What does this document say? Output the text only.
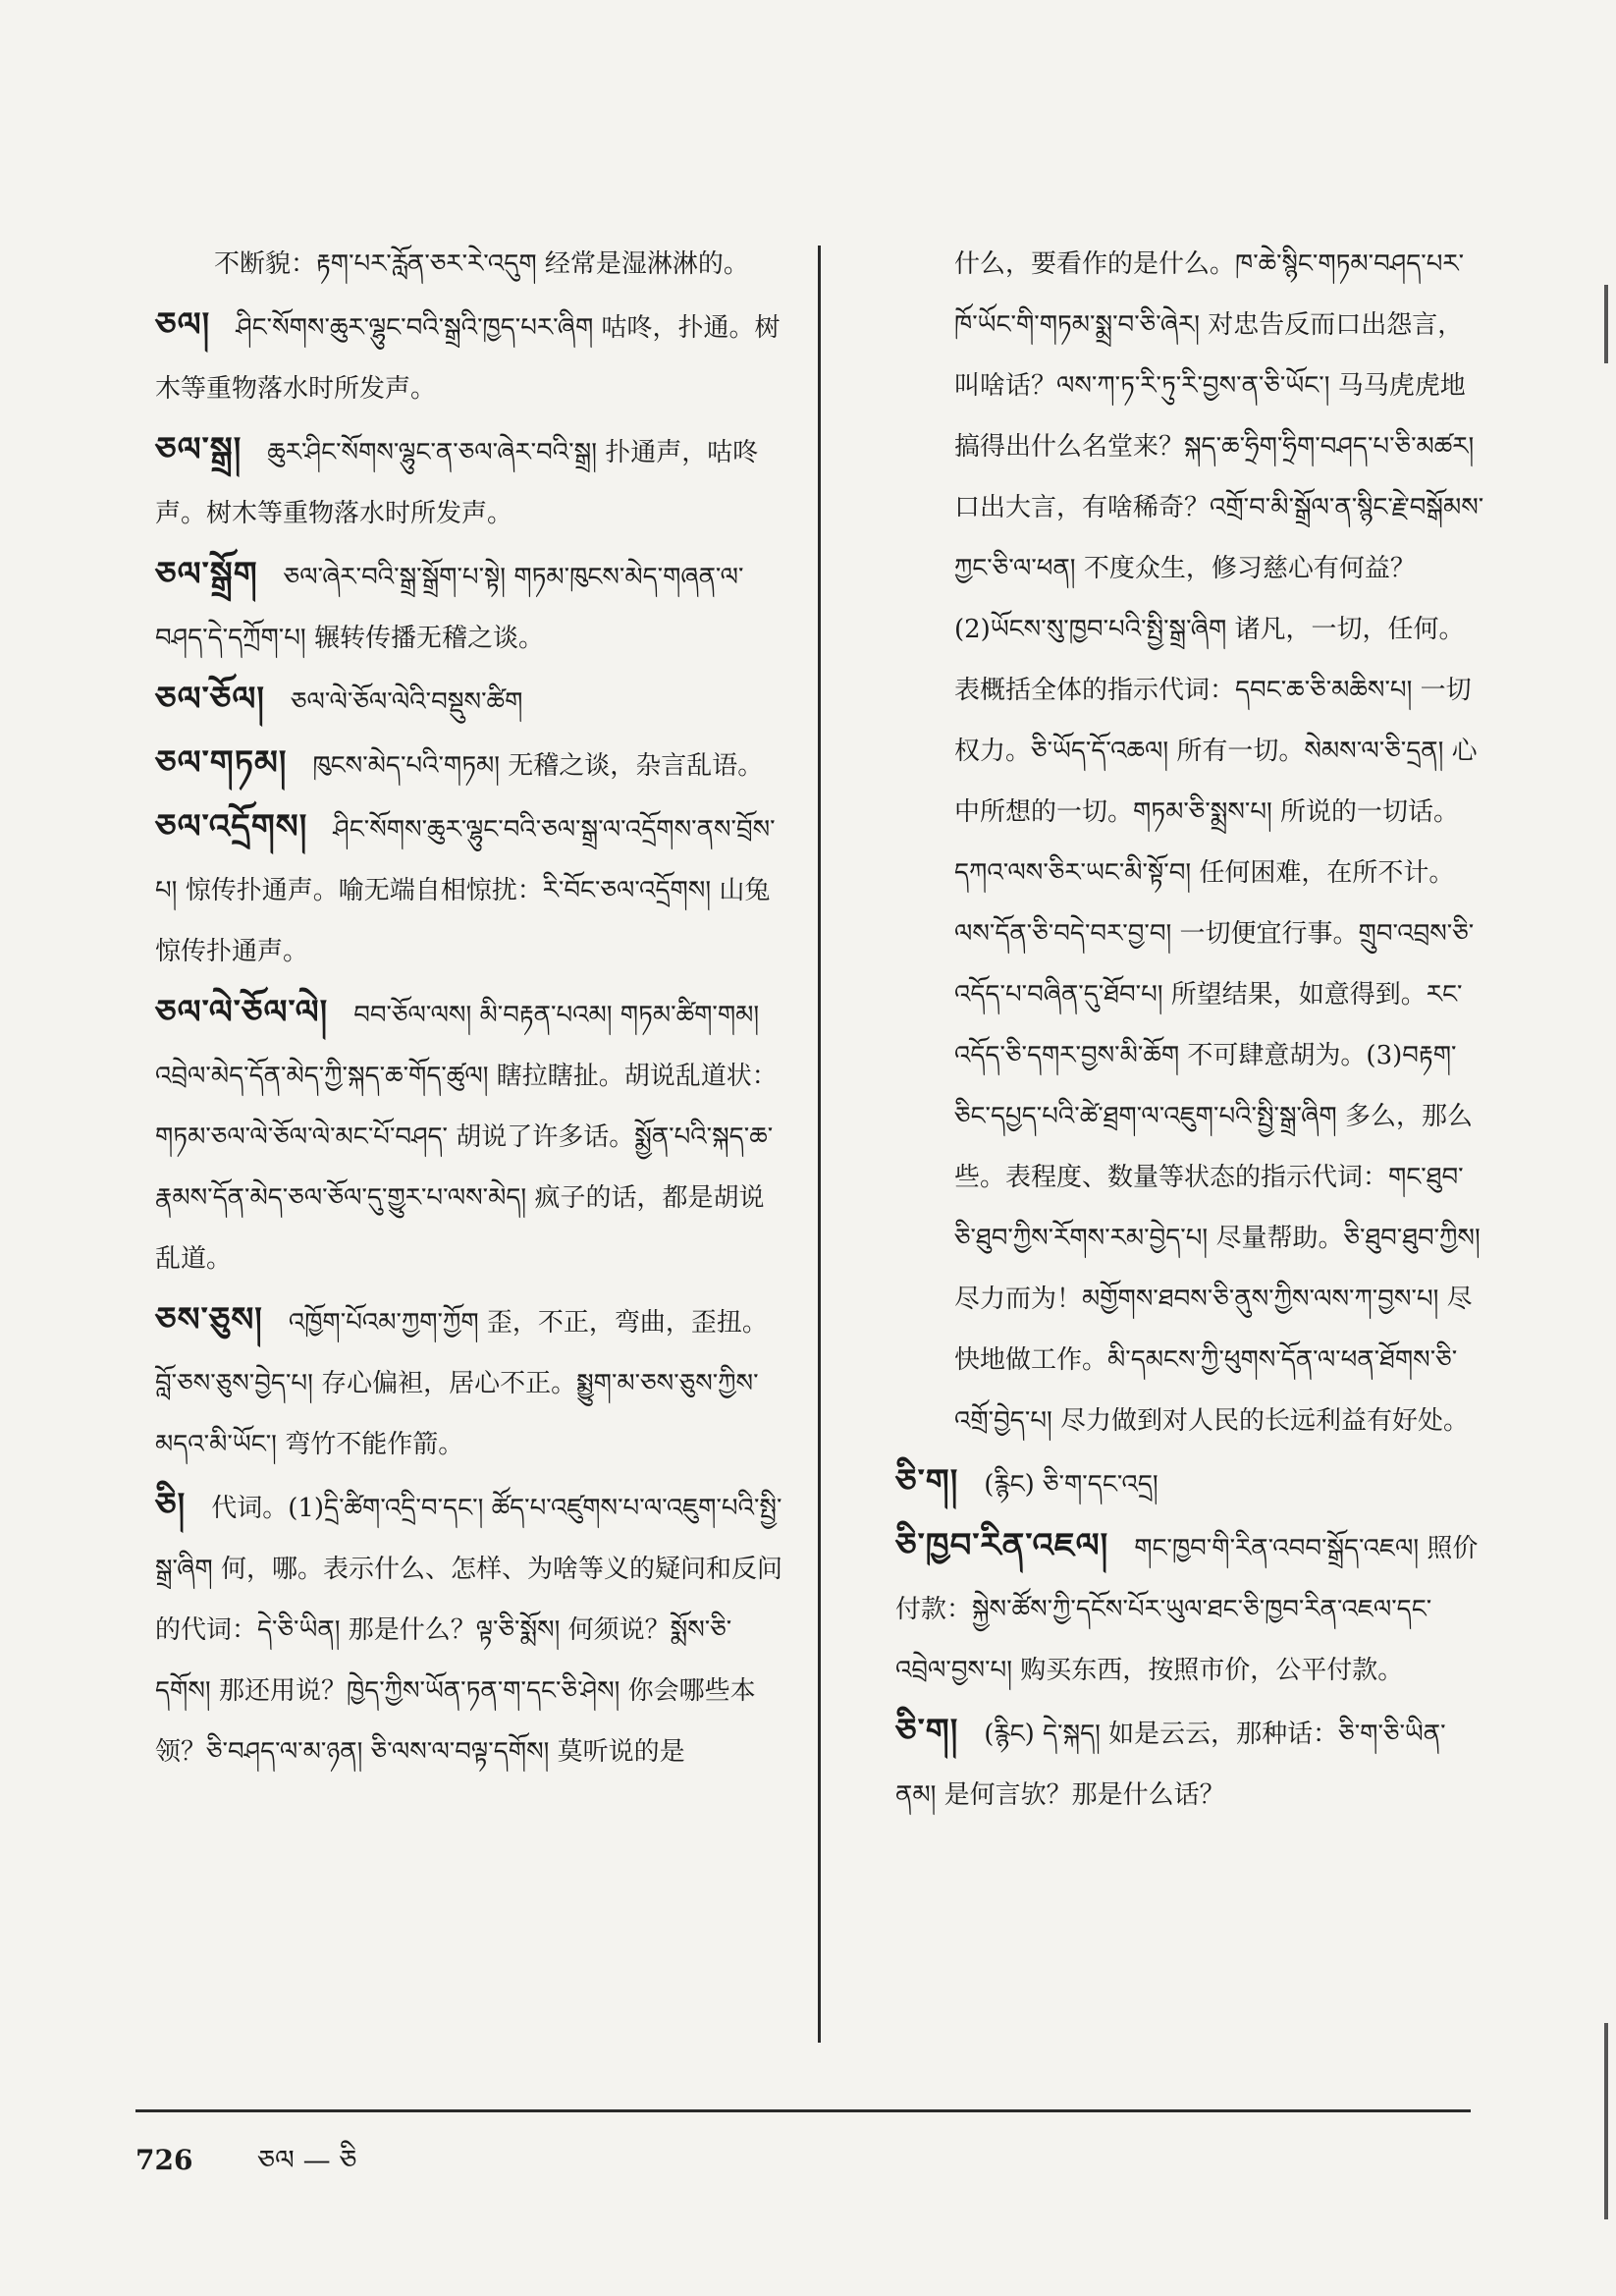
不断貌：རྟག་པར་རློན་ཅར་རེ་འདུག 经常是湿淋淋的。

ཅལ། ཤིང་སོགས་ཆུར་ལྷུང་བའི་སྒྲའི་ཁྱད་པར་ཞིག 咕咚，扑通。树木等重物落水时所发声。

ཅལ་སྒྲ། ཆུར་ཤིང་སོགས་ལྷུང་ན་ཅལ་ཞེར་བའི་སྒྲ། 扑通声，咕咚声。树木等重物落水时所发声。

ཅལ་སྒྲོག ཅལ་ཞེར་བའི་སྒྲ་སྒྲོག་པ་སྟེ། གཏམ་ཁུངས་མེད་གཞན་ལ་བཤད་དེ་དཀྲོག་པ། 辗转传播无稽之谈。

ཅལ་ཅོལ། ཅལ་ལེ་ཅོལ་ལེའི་བསྡུས་ཚིག

ཅལ་གཏམ། ཁུངས་མེད་པའི་གཏམ། 无稽之谈，杂言乱语。

ཅལ་འདྲོགས། ཤིང་སོགས་ཆུར་ལྷུང་བའི་ཅལ་སྒྲ་ལ་འདྲོགས་ནས་བྲོས་པ། 惊传扑通声。喻无端自相惊扰：རི་བོང་ཅལ་འདྲོགས། 山兔惊传扑通声。

ཅལ་ལེ་ཅོལ་ལེ། བབ་ཅོལ་ལས། མི་བརྟན་པའམ། གཏམ་ཚིག་གམ། འབྲེལ་མེད་དོན་མེད་ཀྱི་སྐད་ཆ་གོད་ཚུལ། 瞎拉瞎扯。胡说乱道状：གཏམ་ཅལ་ལེ་ཅོལ་ལེ་མང་པོ་བཤད་ 胡说了许多话。སྨྱོན་པའི་སྐད་ཆ་རྣམས་དོན་མེད་ཅལ་ཅོལ་དུ་གྱུར་པ་ལས་མེད། 疯子的话，都是胡说乱道。

ཅས་ཅུས། འཁྱོག་པོའམ་ཀྱག་ཀྱོག 歪，不正，弯曲，歪扭。བློ་ཅས་ཅུས་བྱེད་པ། 存心偏袒，居心不正。སྨྱུག་མ་ཅས་ཅུས་ཀྱིས་མདའ་མི་ཡོང་། 弯竹不能作箭。

ཅི། 代词。(1)དྲི་ཚིག་འདྲི་བ་དང་། ཚོད་པ་འཛུགས་པ་ལ་འཇུག་པའི་སྤྱི་སྒྲ་ཞིག 何，哪。表示什么、怎样、为啥等义的疑问和反问的代词：དེ་ཅི་ཡིན། 那是什么？ལྟ་ཅི་སྨོས། 何须说？སྨོས་ཅི་དགོས། 那还用说？ཁྱེད་ཀྱིས་ཡོན་ཏན་ག་དང་ཅི་ཤེས། 你会哪些本领？ཅི་བཤད་ལ་མ་ཉན། ཅི་ལས་ལ་བལྟ་དགོས། 莫听说的是

什么，要看作的是什么。ཁ་ཆེ་སྙིང་གཏམ་བཤད་པར་ཁོ་ཡོང་གི་གཏམ་སྨྲ་བ་ཅི་ཞེར། 对忠告反而口出怨言，叫啥话？ལས་ཀ་ཏ་རི་ཏུ་རི་བྱས་ན་ཅི་ཡོང་། 马马虎虎地搞得出什么名堂来？སྐད་ཆ་ཧྲིག་ཧྲིག་བཤད་པ་ཅི་མཚར། 口出大言，有啥稀奇？འགྲོ་བ་མི་སྒྲོལ་ན་སྙིང་རྗེ་བསྒོམས་ཀྱང་ཅི་ལ་ཕན། 不度众生，修习慈心有何益？(2)ཡོངས་སུ་ཁྱབ་པའི་སྤྱི་སྒྲ་ཞིག 诸凡，一切，任何。表概括全体的指示代词：དབང་ཆ་ཅི་མཆིས་པ། 一切权力。ཅི་ཡོད་དོ་འཆལ། 所有一切。སེམས་ལ་ཅི་དྲན། 心中所想的一切。གཏམ་ཅི་སྨྲས་པ། 所说的一切话。དཀའ་ལས་ཅིར་ཡང་མི་སྟོ་བ། 任何困难，在所不计。ལས་དོན་ཅི་བདེ་བར་བྱ་བ། 一切便宜行事。གྲུབ་འབྲས་ཅི་འདོད་པ་བཞིན་དུ་ཐོབ་པ། 所望结果，如意得到。རང་འདོད་ཅི་དགར་བྱས་མི་ཆོག 不可肆意胡为。(3)བརྟག་ཅིང་དཔྱད་པའི་ཚེ་ཐྲག་ལ་འཇུག་པའི་སྤྱི་སྒྲ་ཞིག 多么，那么些。表程度、数量等状态的指示代词：གང་ཐུབ་ཅི་ཐུབ་ཀྱིས་རོགས་རམ་བྱེད་པ། 尽量帮助。ཅི་ཐུབ་ཐུབ་ཀྱིས། 尽力而为！མགྱོགས་ཐབས་ཅི་ནུས་ཀྱིས་ལས་ཀ་བྱས་པ། 尽快地做工作。མི་དམངས་ཀྱི་ཕུགས་དོན་ལ་ཕན་ཐོགས་ཅི་འགྲོ་བྱེད་པ། 尽力做到对人民的长远利益有好处。

ཅི་ག། (རྙིང) ཅི་ག་དང་འདྲ།

ཅི་ཁྱབ་རིན་འཇལ། གང་ཁྱབ་གི་རིན་འབབ་སྒྲོད་འཇལ། 照价付款：སྐྱེས་ཚོས་ཀྱི་དངོས་པོར་ཡུལ་ཐང་ཅི་ཁྱབ་རིན་འཇལ་དང་འབྲེལ་བྱས་པ། 购买东西，按照市价，公平付款。

ཅི་ག། (རྙིང) དེ་སྐད། 如是云云，那种话：ཅི་ག་ཅི་ཡིན་ནམ། 是何言欤？那是什么话？

726 ཅལ — ཅི
